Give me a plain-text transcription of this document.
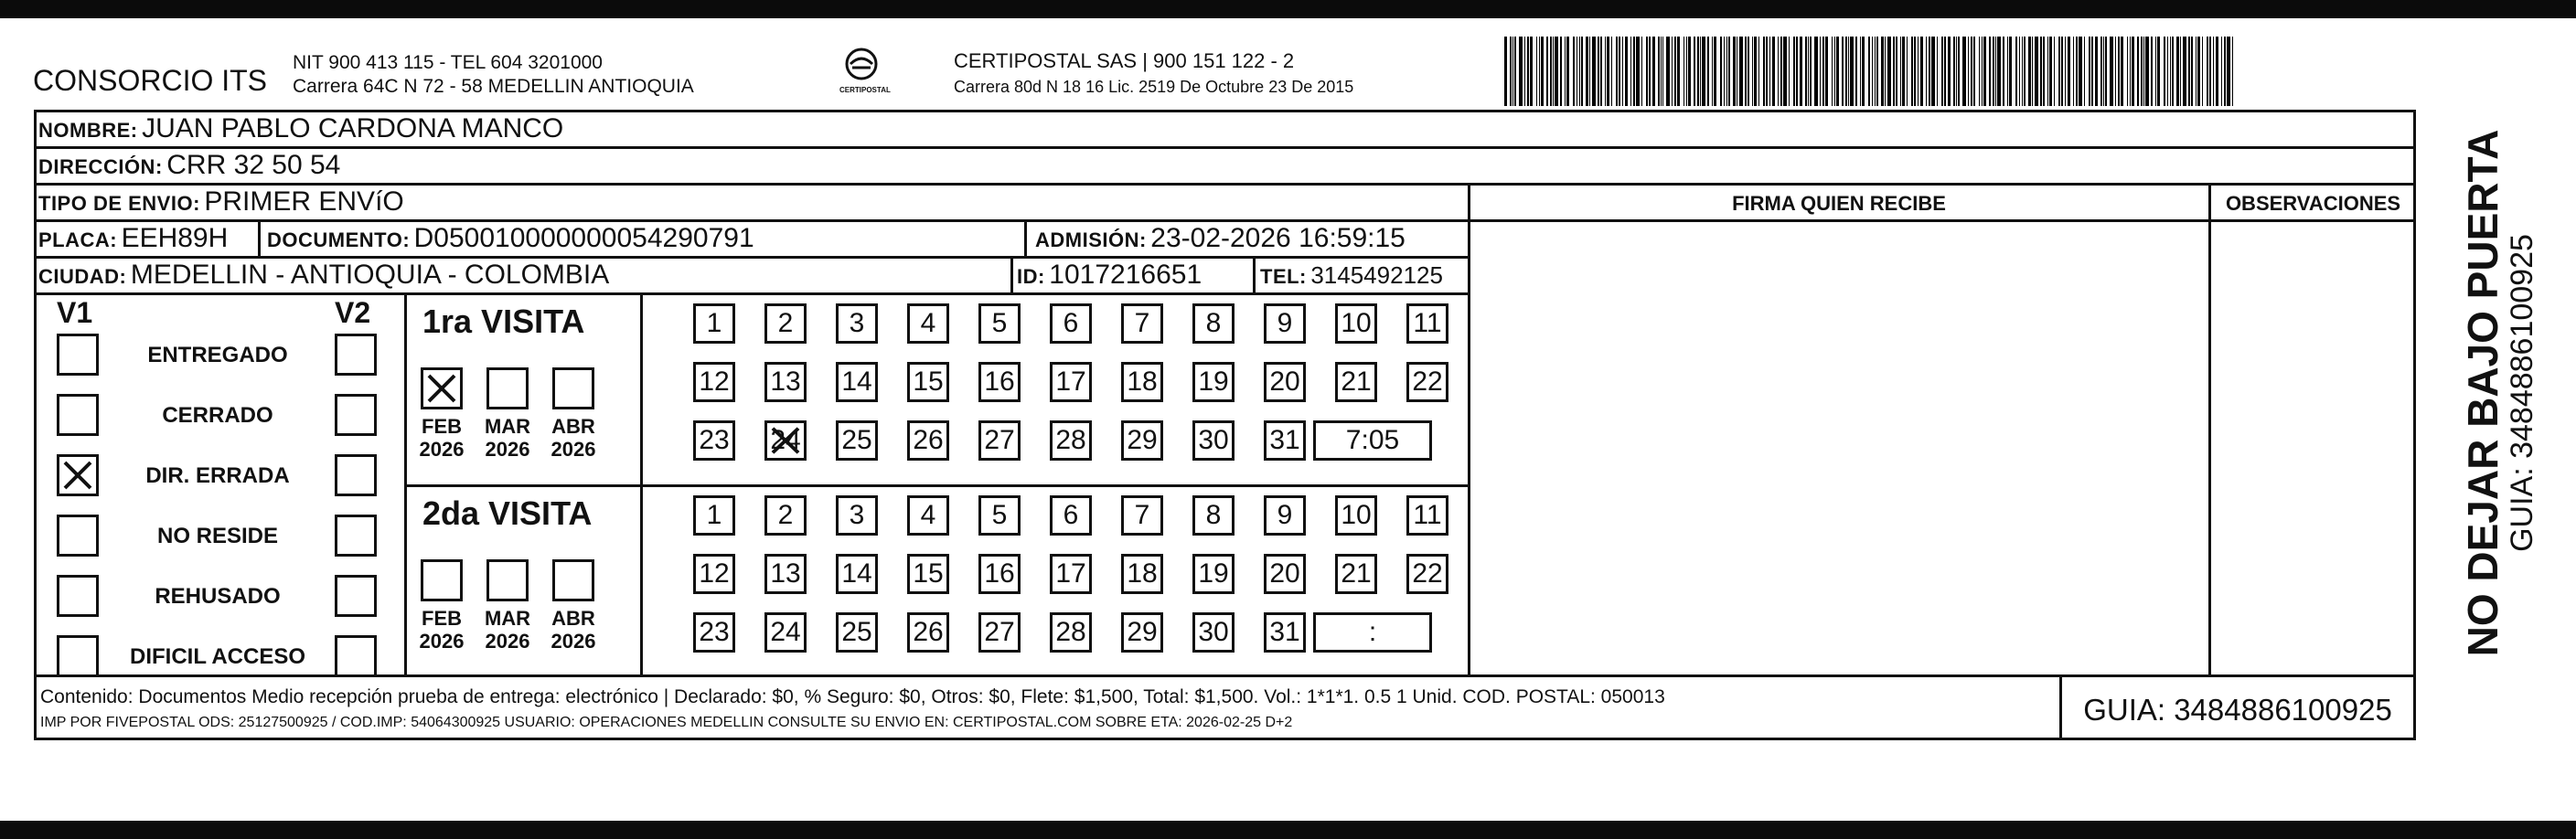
CONSORCIO ITS
NIT 900 413 115 - TEL 604 3201000
Carrera 64C N 72 - 58 MEDELLIN ANTIOQUIA	CERTIPOSTAL
CERTIPOSTAL SAS | 900 151 122 - 2
Carrera 80d N 18 16 Lic. 2519 De Octubre 23 De 2015
NOMBRE: JUAN PABLO CARDONA MANCO
DIRECCIÓN: CRR 32 50 54
TIPO DE ENVIO: PRIMER ENVíO	FIRMA QUIEN RECIBE	OBSERVACIONES
PLACA: EEH89H DOCUMENTO: D050010000000054290791	ADMISIÓN: 23-02-2026 16:59:15
CIUDAD: MEDELLIN - ANTIOQUIA - COLOMBIA	ID: 1017216651	TEL: 3145492125
V1	V2
ENTREGADO
CERRADO
DIR. ERRADA
NO RESIDE
REHUSADO
DIFICIL ACCESO
1ra VISITA
FEB
2026
MAR
2026
ABR
2026
1 2 3 4 5 6 7 8 9 10 11
12 13 14 15 16 17 18 19 20 21 22
23 24 25 26 27 28 29 30 31 7:05
2da VISITA
FEB
2026
MAR
2026
ABR
2026
1 2 3 4 5 6 7 8 9 10 11
12 13 14 15 16 17 18 19 20 21 22
23 24 25 26 27 28 29 30 31	:
Contenido: Documentos Medio recepción prueba de entrega: electrónico | Declarado: $0, % Seguro: $0, Otros: $0, Flete: $1,500, Total: $1,500. Vol.: 1*1*1. 0.5 1 Unid. COD. POSTAL: 050013
IMP POR FIVEPOSTAL ODS: 25127500925 / COD.IMP: 54064300925 USUARIO: OPERACIONES MEDELLIN CONSULTE SU ENVIO EN: CERTIPOSTAL.COM SOBRE ETA: 2026-02-25 D+2	GUIA: 3484886100925
NO DEJAR BAJO PUERTA
GUIA: 3484886100925
